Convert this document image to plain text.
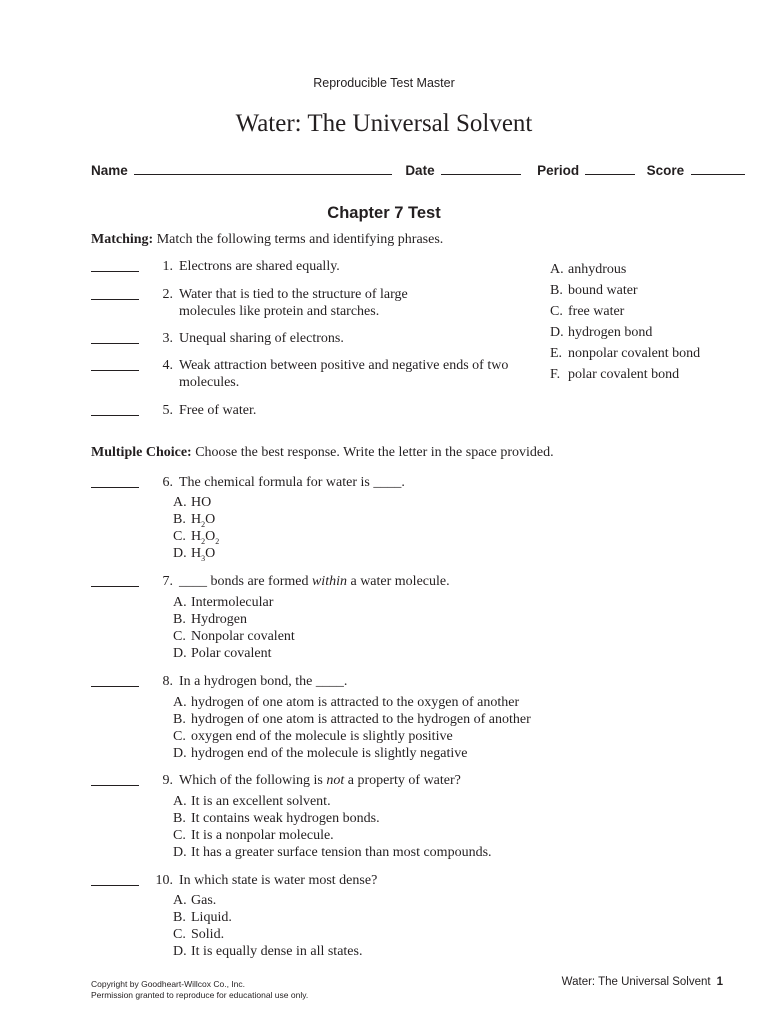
Reproducible Test Master
Water: The Universal Solvent
Name	Date	Period	Score
Chapter 7 Test
Matching: Match the following terms and identifying phrases.
1. Electrons are shared equally.
2. Water that is tied to the structure of large molecules like protein and starches.
3. Unequal sharing of electrons.
4. Weak attraction between positive and negative ends of two molecules.
5. Free of water.
A. anhydrous
B. bound water
C. free water
D. hydrogen bond
E. nonpolar covalent bond
F. polar covalent bond
Multiple Choice: Choose the best response. Write the letter in the space provided.
6. The chemical formula for water is ____.
A. HO
B. $H_2O$
C. $H_2O_2$
D. $H_3O$
7. ____ bonds are formed within a water molecule.
A. Intermolecular
B. Hydrogen
C. Nonpolar covalent
D. Polar covalent
8. In a hydrogen bond, the ____.
A. hydrogen of one atom is attracted to the oxygen of another
B. hydrogen of one atom is attracted to the hydrogen of another
C. oxygen end of the molecule is slightly positive
D. hydrogen end of the molecule is slightly negative
9. Which of the following is not a property of water?
A. It is an excellent solvent.
B. It contains weak hydrogen bonds.
C. It is a nonpolar molecule.
D. It has a greater surface tension than most compounds.
10. In which state is water most dense?
A. Gas.
B. Liquid.
C. Solid.
D. It is equally dense in all states.
Copyright by Goodheart-Willcox Co., Inc.
Permission granted to reproduce for educational use only.
Water: The Universal Solvent 1
